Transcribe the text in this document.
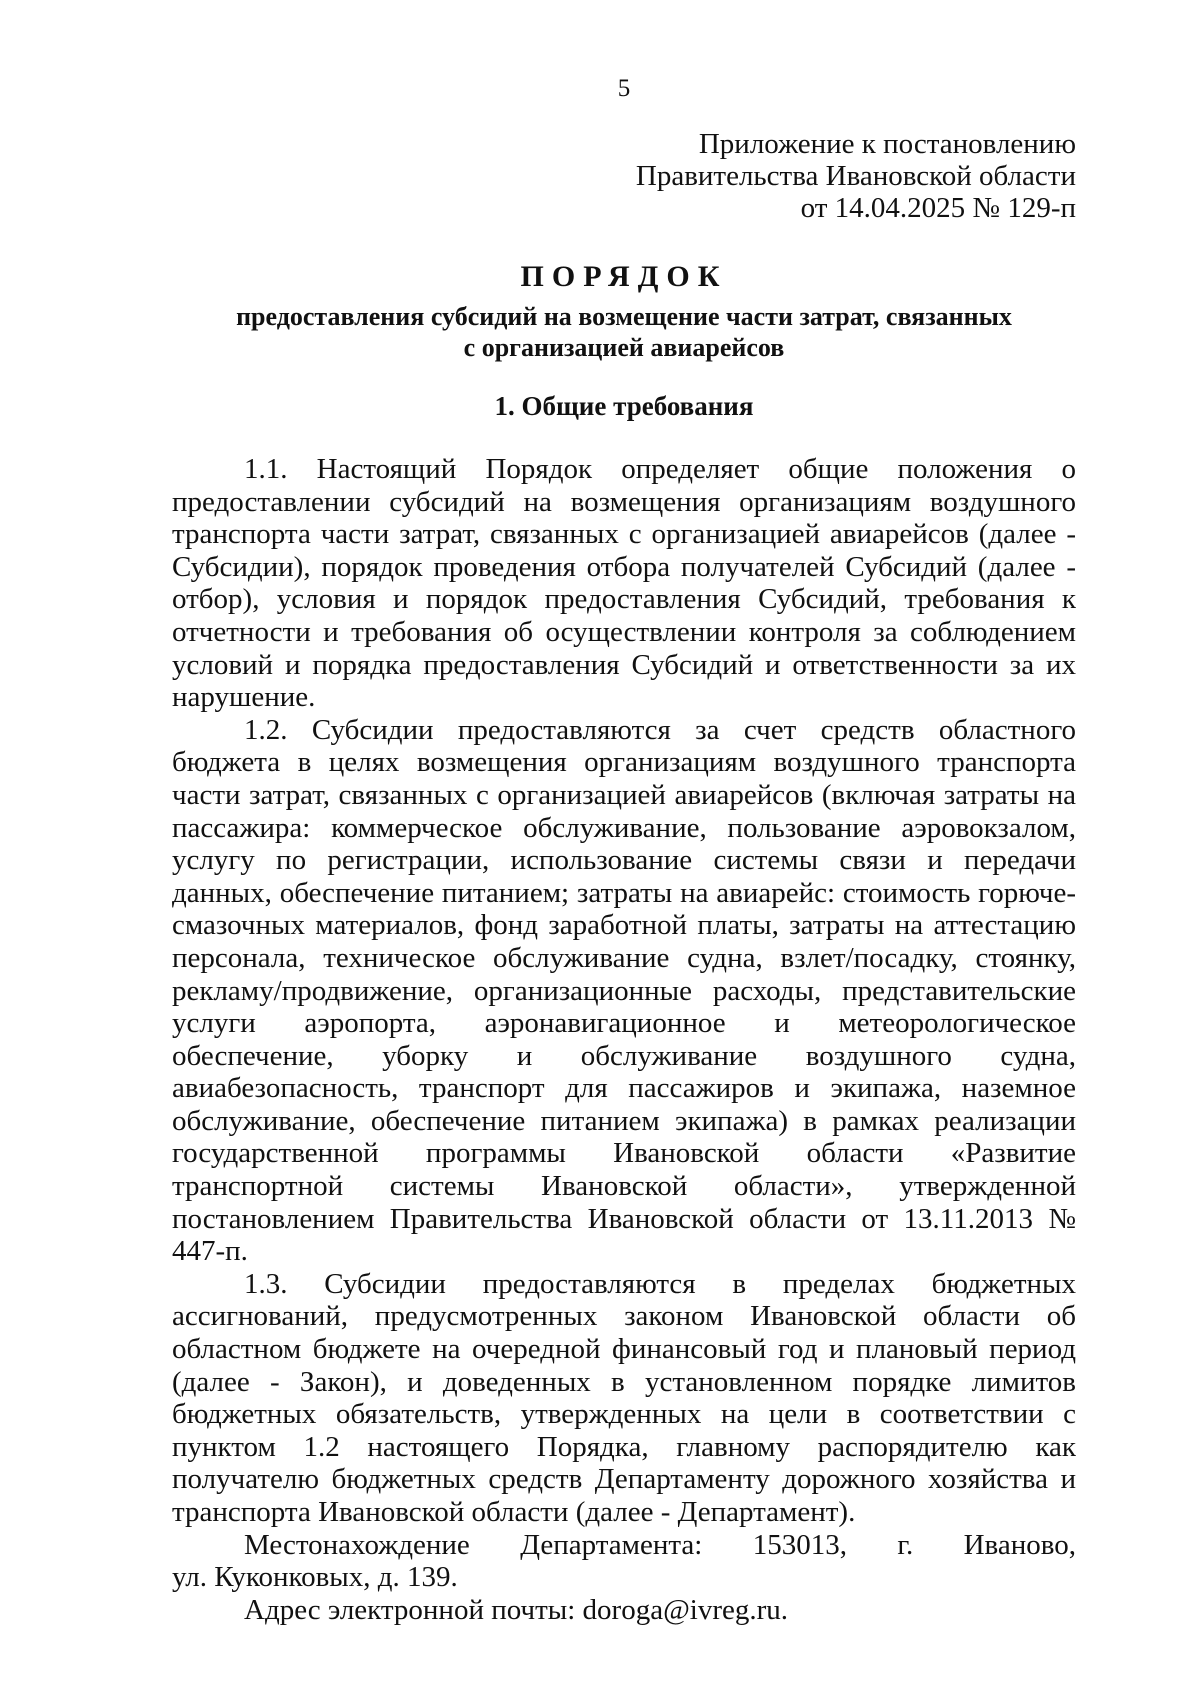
5
Приложение к постановлению
Правительства Ивановской области
от 14.04.2025 № 129-п
ПОРЯДОК
предоставления субсидий на возмещение части затрат, связанных
с организацией авиарейсов
1. Общие требования

1.1. Настоящий Порядок определяет общие положения о предоставлении субсидий на возмещения организациям воздушного транспорта части затрат, связанных с организацией авиарейсов (далее - Субсидии), порядок проведения отбора получателей Субсидий (далее - отбор), условия и порядок предоставления Субсидий, требования к отчетности и требования об осуществлении контроля за соблюдением условий и порядка предоставления Субсидий и ответственности за их нарушение.

1.2. Субсидии предоставляются за счет средств областного бюджета в целях возмещения организациям воздушного транспорта части затрат, связанных с организацией авиарейсов (включая затраты на пассажира: коммерческое обслуживание, пользование аэровокзалом, услугу по регистрации, использование системы связи и передачи данных, обеспечение питанием; затраты на авиарейс: стоимость горюче-смазочных материалов, фонд заработной платы, затраты на аттестацию персонала, техническое обслуживание судна, взлет/посадку, стоянку, рекламу/продвижение, организационные расходы, представительские услуги аэропорта, аэронавигационное и метеорологическое обеспечение, уборку и обслуживание воздушного судна, авиабезопасность, транспорт для пассажиров и экипажа, наземное обслуживание, обеспечение питанием экипажа) в рамках реализации государственной программы Ивановской области «Развитие транспортной системы Ивановской области», утвержденной постановлением Правительства Ивановской области от 13.11.2013 № 447-п.

1.3. Субсидии предоставляются в пределах бюджетных ассигнований, предусмотренных законом Ивановской области об областном бюджете на очередной финансовый год и плановый период (далее - Закон), и доведенных в установленном порядке лимитов бюджетных обязательств, утвержденных на цели в соответствии с пунктом 1.2 настоящего Порядка, главному распорядителю как получателю бюджетных средств Департаменту дорожного хозяйства и транспорта Ивановской области (далее - Департамент).

Местонахождение Департамента: 153013, г. Иваново,

ул. Куконковых, д. 139.

Адрес электронной почты: doroga@ivreg.ru.
